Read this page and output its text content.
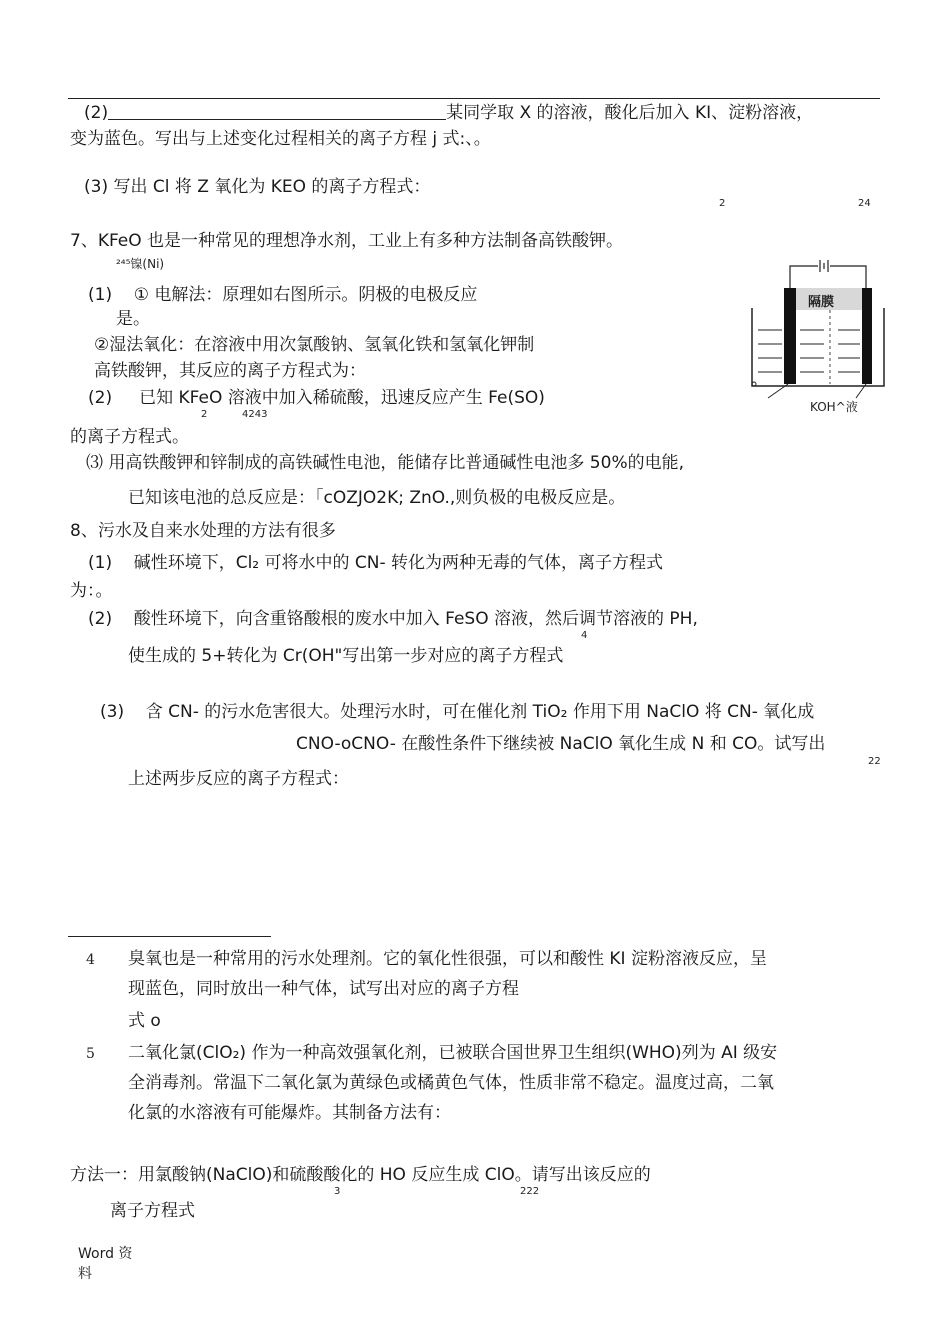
(2)	某同学取 X 的溶液，酸化后加入 KI、淀粉溶液，
变为蓝色。写出与上述变化过程相关的离子方程 j 式:、。
(3) 写出 Cl 将 Z 氧化为 KEO 的离子方程式：
2	24
7、KFeO 也是一种常见的理想净水剂，工业上有多种方法制备高铁酸钾。
²⁴⁵镍(Ni)
(1) ① 电解法：原理如右图所示。阴极的电极反应
是。
②湿法氧化：在溶液中用次氯酸钠、氢氧化铁和氢氧化钾制
高铁酸钾，其反应的离子方程式为：
(2) 已知 KFeO 溶液中加入稀硫酸，迅速反应产生 Fe(SO)
2	4243
的离子方程式。
⑶ 用高铁酸钾和锌制成的高铁碱性电池，能储存比普通碱性电池多 50%的电能,
已知该电池的总反应是：「cOZJO2K; ZnO.,则负极的电极反应是。
8、污水及自来水处理的方法有很多
(1) 碱性环境下，Cl₂ 可将水中的 CN- 转化为两种无毒的气体，离子方程式
为：。
(2) 酸性环境下，向含重铬酸根的废水中加入 FeSO 溶液，然后调节溶液的 PH,
4
使生成的 5+转化为 Cr(OH"写出第一步对应的离子方程式
(3) 含 CN- 的污水危害很大。处理污水时，可在催化剂 TiO₂ 作用下用 NaClO 将 CN- 氧化成
CNO-oCNO- 在酸性条件下继续被 NaClO 氧化生成 N 和 CO。试写出
22
上述两步反应的离子方程式：
隔膜
KOH^液
4 臭氧也是一种常用的污水处理剂。它的氧化性很强，可以和酸性 KI 淀粉溶液反应，呈
现蓝色，同时放出一种气体，试写出对应的离子方程
式 o
5 二氧化氯(ClO₂) 作为一种高效强氧化剂，已被联合国世界卫生组织(WHO)列为 AI 级安
全消毒剂。常温下二氧化氯为黄绿色或橘黄色气体，性质非常不稳定。温度过高，二氧
化氯的水溶液有可能爆炸。其制备方法有：
方法一：用氯酸钠(NaClO)和硫酸酸化的 HO 反应生成 ClO。请写出该反应的
3	222
离子方程式
Word 资
料
